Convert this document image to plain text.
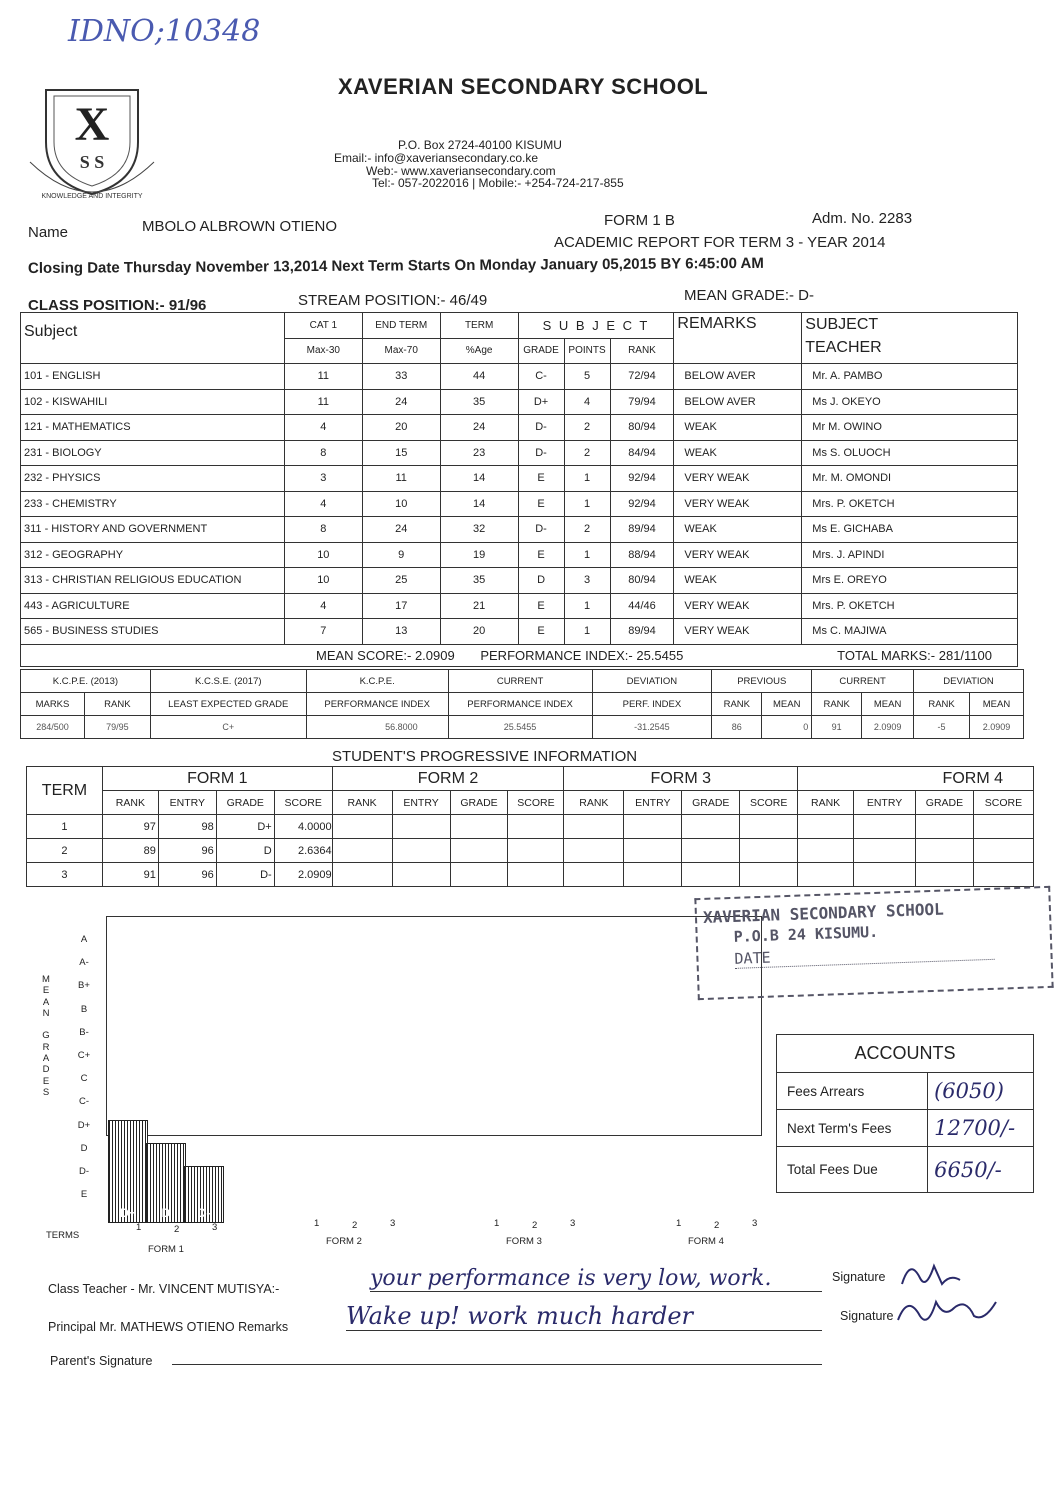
IDNO;10348
X
S S
KNOWLEDGE AND INTEGRITY
XAVERIAN SECONDARY SCHOOL
P.O. Box 2724-40100 KISUMU
Email:- info@xaveriansecondary.co.ke
Web:- www.xaveriansecondary.com
Tel:- 057-2022016 | Mobile:- +254-724-217-855
Name	MBOLO ALBROWN OTIENO	FORM 1 B	Adm. No. 2283
ACADEMIC REPORT FOR TERM 3 - YEAR 2014
Closing Date Thursday November 13,2014 Next Term Starts On Monday January 05,2015 BY 6:45:00 AM
CLASS POSITION:- 91/96	STREAM POSITION:- 46/49	MEAN GRADE:- D-
Subject	CAT 1	END TERM	TERM	S U B J E C T			REMARKS	SUBJECT
TEACHER
	Max-30	Max-70	%Age	GRADE	POINTS	RANK		
101 - ENGLISH	11	33	44	C-	5	72/94	BELOW AVER	Mr. A. PAMBO
102 - KISWAHILI	11	24	35	D+	4	79/94	BELOW AVER	Ms J. OKEYO
121 - MATHEMATICS	4	20	24	D-	2	80/94	WEAK	Mr M. OWINO
231 - BIOLOGY	8	15	23	D-	2	84/94	WEAK	Ms S. OLUOCH
232 - PHYSICS	3	11	14	E	1	92/94	VERY WEAK	Mr. M. OMONDI
233 - CHEMISTRY	4	10	14	E	1	92/94	VERY WEAK	Mrs. P. OKETCH
311 - HISTORY AND GOVERNMENT	8	24	32	D-	2	89/94	WEAK	Ms E. GICHABA
312 - GEOGRAPHY	10	9	19	E	1	88/94	VERY WEAK	Mrs. J. APINDI
313 - CHRISTIAN RELIGIOUS EDUCATION	10	25	35	D	3	80/94	WEAK	Mrs E. OREYO
443 - AGRICULTURE	4	17	21	E	1	44/46	VERY WEAK	Mrs. P. OKETCH
565 - BUSINESS STUDIES	7	13	20	E	1	89/94	VERY WEAK	Ms C. MAJIWA
MEAN SCORE:- 2.0909 PERFORMANCE INDEX:- 25.5455 TOTAL MARKS:- 281/1100								
K.C.P.E. (2013)		K.C.S.E. (2017)	K.C.P.E.	CURRENT	DEVIATION	PREVIOUS		CURRENT		DEVIATION	
MARKS	RANK	LEAST EXPECTED GRADE	PERFORMANCE INDEX	PERFORMANCE INDEX	PERF. INDEX	RANK	MEAN	RANK	MEAN	RANK	MEAN
284/500	79/95	C+	56.8000	25.5455	-31.2545	86	0	91	2.0909	-5	2.0909
STUDENT'S PROGRESSIVE INFORMATION
TERM	FORM 1				FORM 2				FORM 3				FORM 4			
	RANK	ENTRY	GRADE	SCORE	RANK	ENTRY	GRADE	SCORE	RANK	ENTRY	GRADE	SCORE	RANK	ENTRY	GRADE	SCORE
1	97	98	D+	4.0000												
2	89	96	D	2.6364												
3	91	96	D-	2.0909												
M
E
A
N

G
R
A
D
E
S
A
A-
B+
B
B-
C+
C
C-
D+
D
D-
E
D+	D	D-
TERMS
1	2	3
FORM 1
1	2	3
FORM 2
1	2	3
FORM 3
1	2	3
FORM 4
XAVERIAN SECONDARY SCHOOL
P.O.B 24 KISUMU.
DATE
ACCOUNTS	
Fees Arrears	(6050)
Next Term's Fees	12700/-
Total Fees Due	6650/-
Class Teacher - Mr. VINCENT MUTISYA:-	your performance is very low, work.	Signature
Principal Mr. MATHEWS OTIENO Remarks Wake up! work much harder	Signature
Parent's Signature
